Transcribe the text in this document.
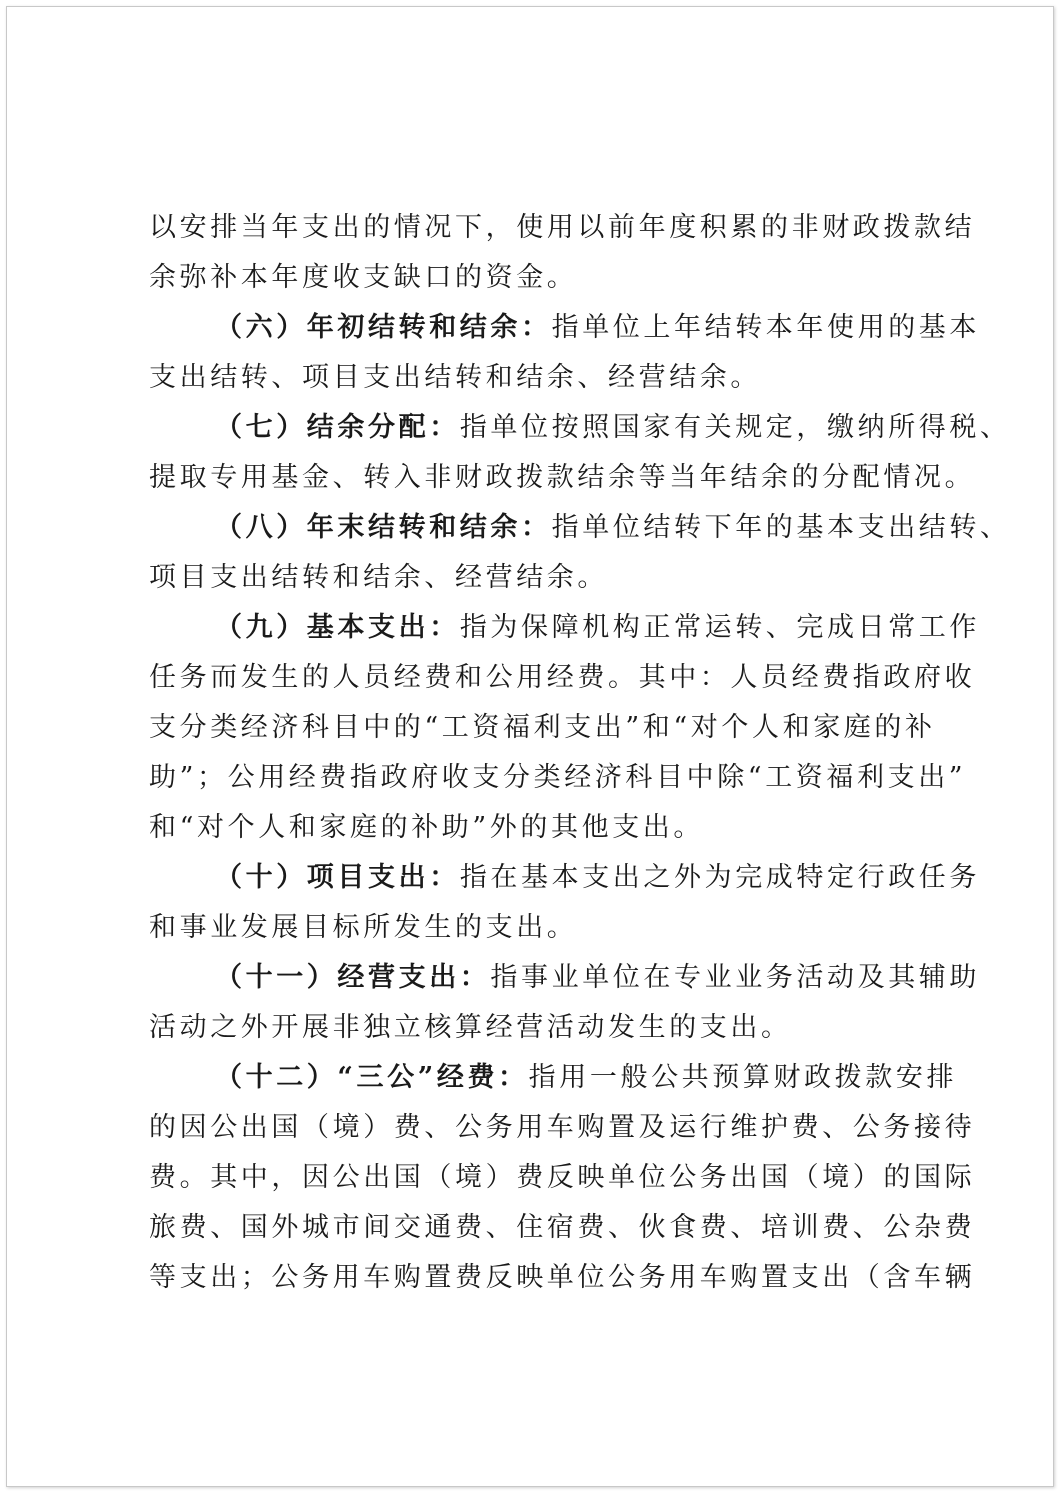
以安排当年支出的情况下，使用以前年度积累的非财政拨款结
余弥补本年度收支缺口的资金。
（六）年初结转和结余：指单位上年结转本年使用的基本
支出结转、项目支出结转和结余、经营结余。
（七）结余分配：指单位按照国家有关规定，缴纳所得税、
提取专用基金、转入非财政拨款结余等当年结余的分配情况。
（八）年末结转和结余：指单位结转下年的基本支出结转、
项目支出结转和结余、经营结余。
（九）基本支出：指为保障机构正常运转、完成日常工作
任务而发生的人员经费和公用经费。其中：人员经费指政府收
支分类经济科目中的“工资福利支出”和“对个人和家庭的补
助”；公用经费指政府收支分类经济科目中除“工资福利支出”
和“对个人和家庭的补助”外的其他支出。
（十）项目支出：指在基本支出之外为完成特定行政任务
和事业发展目标所发生的支出。
（十一）经营支出：指事业单位在专业业务活动及其辅助
活动之外开展非独立核算经营活动发生的支出。
（十二）“三公”经费：指用一般公共预算财政拨款安排
的因公出国（境）费、公务用车购置及运行维护费、公务接待
费。其中，因公出国（境）费反映单位公务出国（境）的国际
旅费、国外城市间交通费、住宿费、伙食费、培训费、公杂费
等支出；公务用车购置费反映单位公务用车购置支出（含车辆
